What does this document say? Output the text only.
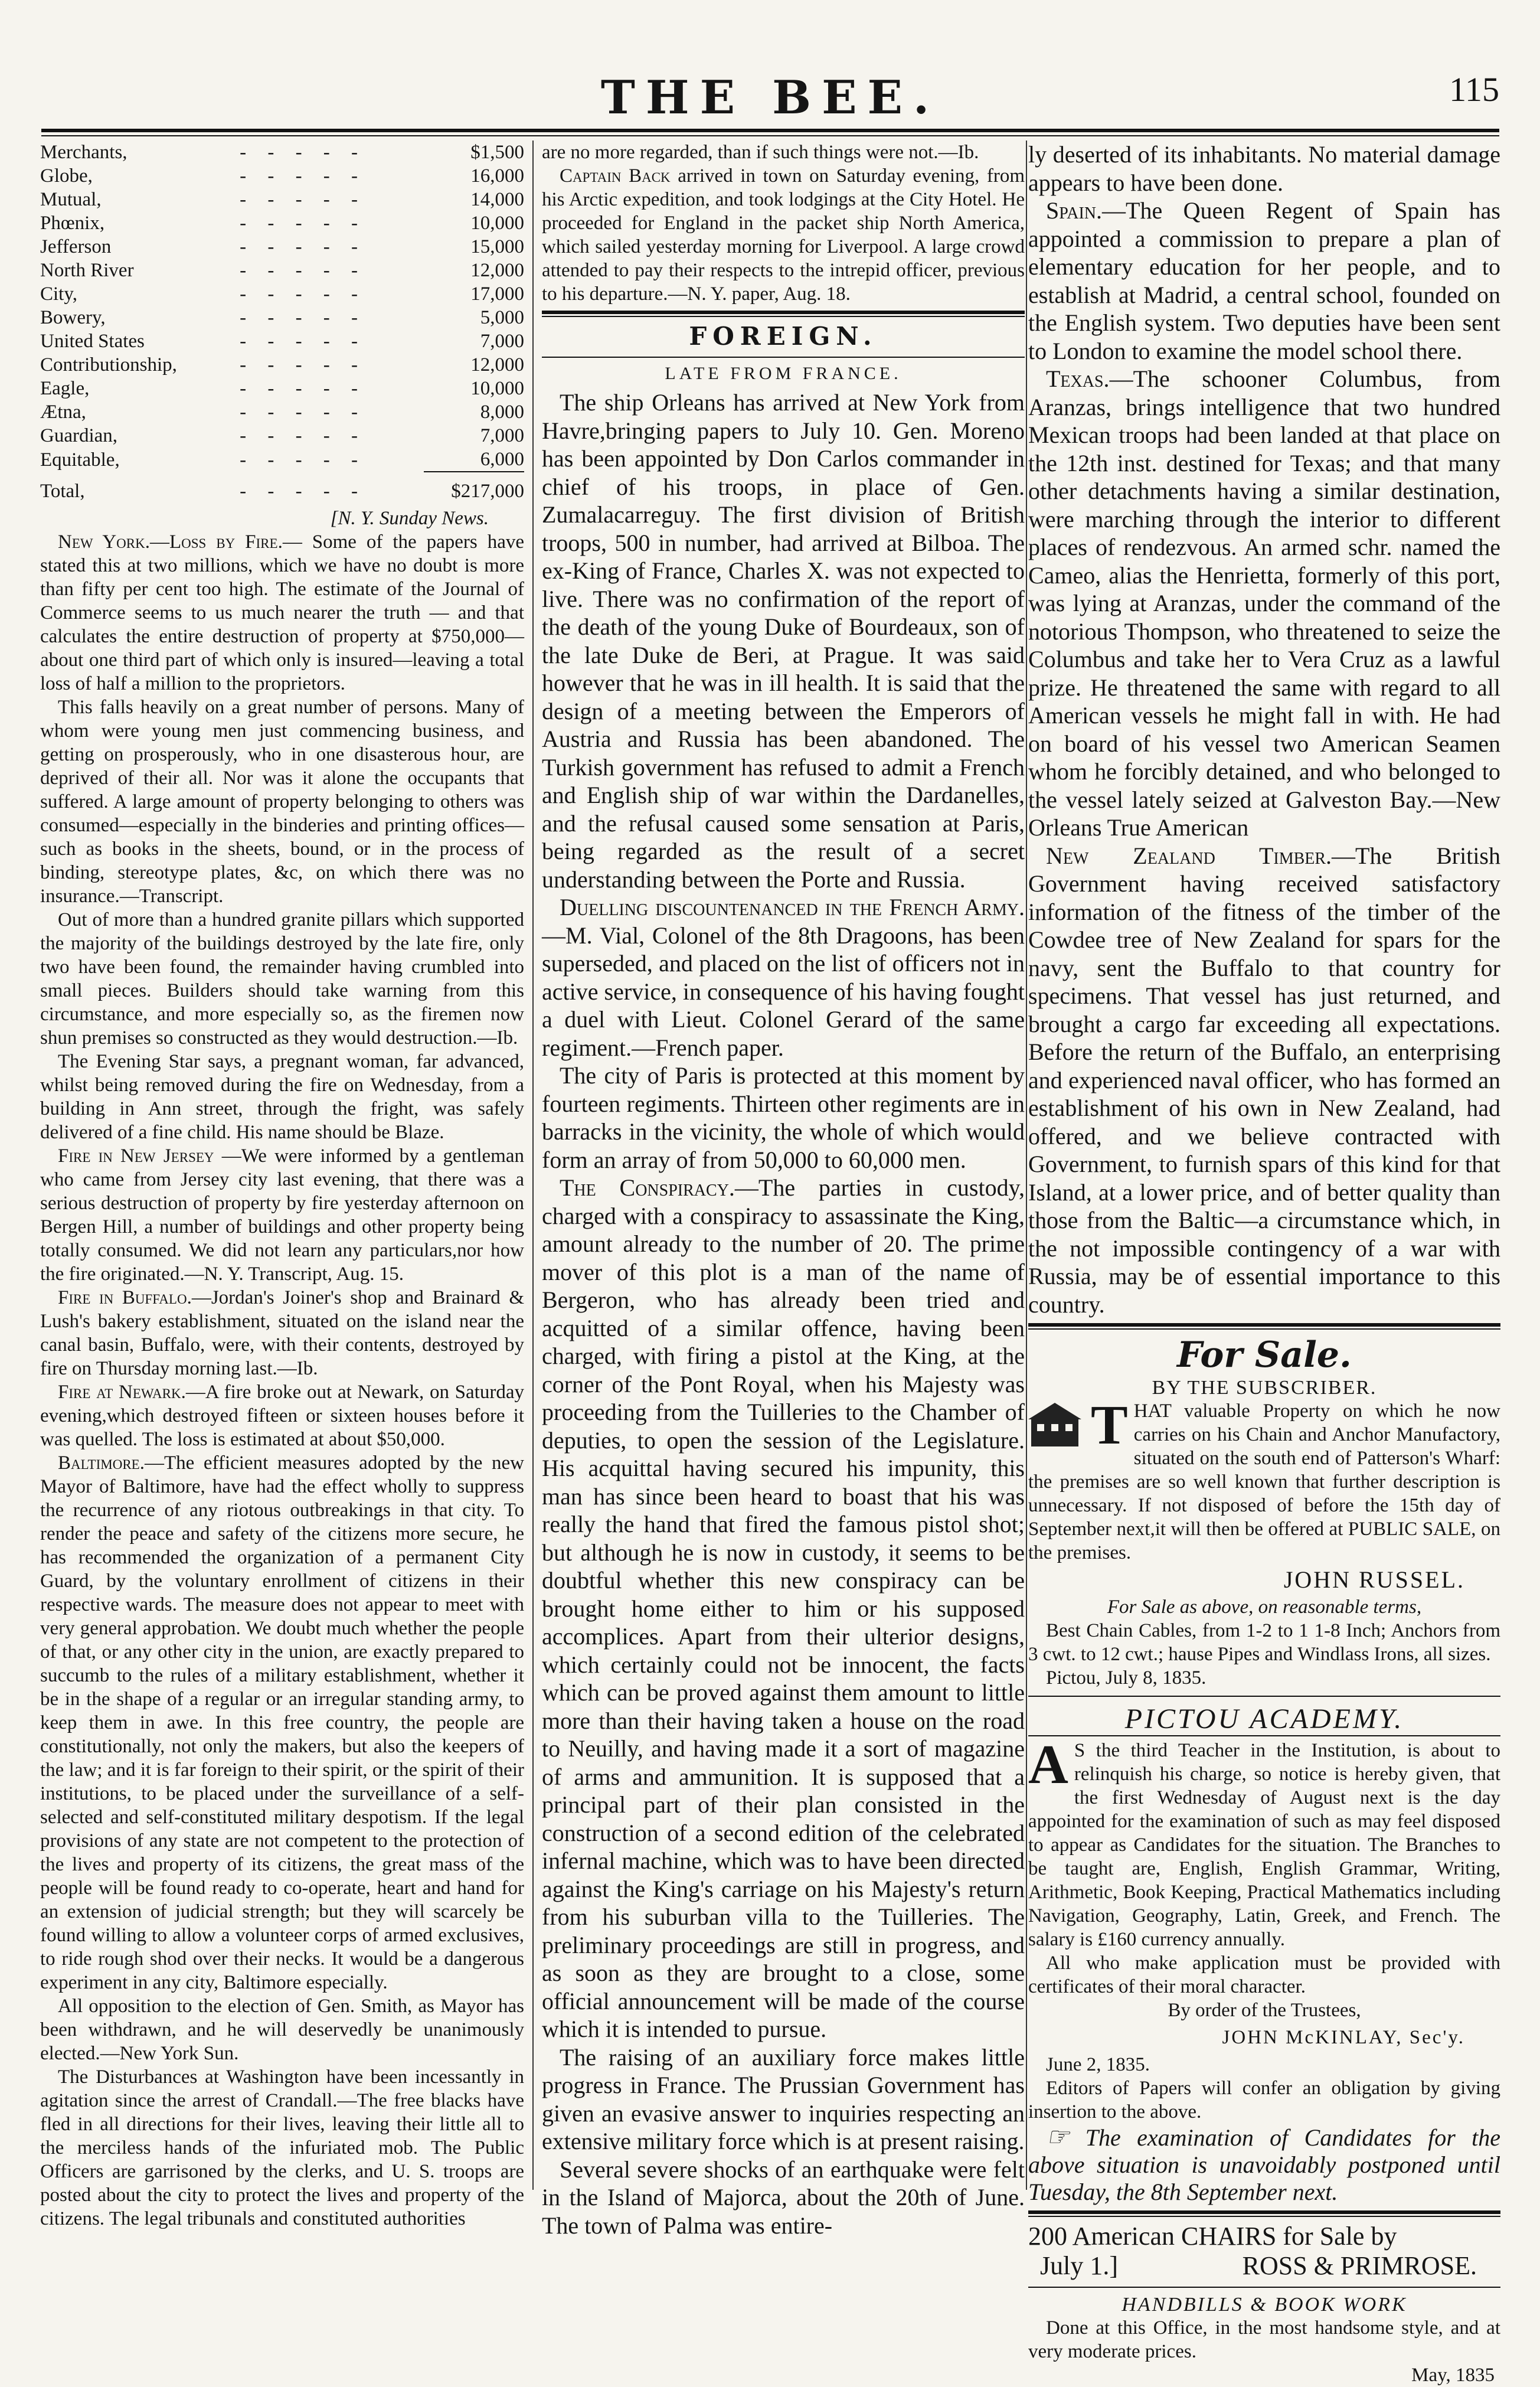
THE BEE.	115
Merchants,	- - - - -	$1,500
Globe,	- - - - -	16,000
Mutual,	- - - - -	14,000
Phœnix,	- - - - -	10,000
Jefferson	- - - - -	15,000
North River	- - - - -	12,000
City,	- - - - -	17,000
Bowery,	- - - - -	5,000
United States	- - - - -	7,000
Contributionship,	- - - - -	12,000
Eagle,	- - - - -	10,000
Ætna,	- - - - -	8,000
Guardian,	- - - - -	7,000
Equitable,	- - - - -	6,000
Total,	- - - - -	$217,000
[N. Y. Sunday News.

New York.—Loss by Fire.— Some of the papers have stated this at two millions, which we have no doubt is more than fifty per cent too high. The estimate of the Journal of Commerce seems to us much nearer the truth — and that calculates the entire destruction of property at $750,000—about one third part of which only is insured—leaving a total loss of half a million to the proprietors.

This falls heavily on a great number of persons. Many of whom were young men just commencing business, and getting on prosperously, who in one disasterous hour, are deprived of their all. Nor was it alone the occupants that suffered. A large amount of property belonging to others was consumed—especially in the binderies and printing offices—such as books in the sheets, bound, or in the process of binding, stereotype plates, &c, on which there was no insurance.—Transcript.

Out of more than a hundred granite pillars which supported the majority of the buildings destroyed by the late fire, only two have been found, the remainder having crumbled into small pieces. Builders should take warning from this circumstance, and more especially so, as the firemen now shun premises so constructed as they would destruction.—Ib.

The Evening Star says, a pregnant woman, far advanced, whilst being removed during the fire on Wednesday, from a building in Ann street, through the fright, was safely delivered of a fine child. His name should be Blaze.

Fire in New Jersey —We were informed by a gentleman who came from Jersey city last evening, that there was a serious destruction of property by fire yesterday afternoon on Bergen Hill, a number of buildings and other property being totally consumed. We did not learn any particulars,nor how the fire originated.—N. Y. Transcript, Aug. 15.

Fire in Buffalo.—Jordan's Joiner's shop and Brainard & Lush's bakery establishment, situated on the island near the canal basin, Buffalo, were, with their contents, destroyed by fire on Thursday morning last.—Ib.

Fire at Newark.—A fire broke out at Newark, on Saturday evening,which destroyed fifteen or sixteen houses before it was quelled. The loss is estimated at about $50,000.

Baltimore.—The efficient measures adopted by the new Mayor of Baltimore, have had the effect wholly to suppress the recurrence of any riotous outbreakings in that city. To render the peace and safety of the citizens more secure, he has recommended the organization of a permanent City Guard, by the voluntary enrollment of citizens in their respective wards. The measure does not appear to meet with very general approbation. We doubt much whether the people of that, or any other city in the union, are exactly prepared to succumb to the rules of a military establishment, whether it be in the shape of a regular or an irregular standing army, to keep them in awe. In this free country, the people are constitutionally, not only the makers, but also the keepers of the law; and it is far foreign to their spirit, or the spirit of their institutions, to be placed under the surveillance of a self-selected and self-constituted military despotism. If the legal provisions of any state are not competent to the protection of the lives and property of its citizens, the great mass of the people will be found ready to co-operate, heart and hand for an extension of judicial strength; but they will scarcely be found willing to allow a volunteer corps of armed exclusives, to ride rough shod over their necks. It would be a dangerous experiment in any city, Baltimore especially.

All opposition to the election of Gen. Smith, as Mayor has been withdrawn, and he will deservedly be unanimously elected.—New York Sun.

The Disturbances at Washington have been incessantly in agitation since the arrest of Crandall.—The free blacks have fled in all directions for their lives, leaving their little all to the merciless hands of the infuriated mob. The Public Officers are garrisoned by the clerks, and U. S. troops are posted about the city to protect the lives and property of the citizens. The legal tribunals and constituted authorities

are no more regarded, than if such things were not.—Ib.

Captain Back arrived in town on Saturday evening, from his Arctic expedition, and took lodgings at the City Hotel. He proceeded for England in the packet ship North America, which sailed yesterday morning for Liverpool. A large crowd attended to pay their respects to the intrepid officer, previous to his departure.—N. Y. paper, Aug. 18.

FOREIGN.
LATE FROM FRANCE.

The ship Orleans has arrived at New York from Havre,bringing papers to July 10. Gen. Moreno has been appointed by Don Carlos commander in chief of his troops, in place of Gen. Zumalacarreguy. The first division of British troops, 500 in number, had arrived at Bilboa. The ex-King of France, Charles X. was not expected to live. There was no confirmation of the report of the death of the young Duke of Bourdeaux, son of the late Duke de Beri, at Prague. It was said however that he was in ill health. It is said that the design of a meeting between the Emperors of Austria and Russia has been abandoned. The Turkish government has refused to admit a French and English ship of war within the Dardanelles, and the refusal caused some sensation at Paris, being regarded as the result of a secret understanding between the Porte and Russia.

Duelling discountenanced in the French Army.—M. Vial, Colonel of the 8th Dragoons, has been superseded, and placed on the list of officers not in active service, in consequence of his having fought a duel with Lieut. Colonel Gerard of the same regiment.—French paper.

The city of Paris is protected at this moment by fourteen regiments. Thirteen other regiments are in barracks in the vicinity, the whole of which would form an array of from 50,000 to 60,000 men.

The Conspiracy.—The parties in custody, charged with a conspiracy to assassinate the King, amount already to the number of 20. The prime mover of this plot is a man of the name of Bergeron, who has already been tried and acquitted of a similar offence, having been charged, with firing a pistol at the King, at the corner of the Pont Royal, when his Majesty was proceeding from the Tuilleries to the Chamber of deputies, to open the session of the Legislature. His acquittal having secured his impunity, this man has since been heard to boast that his was really the hand that fired the famous pistol shot; but although he is now in custody, it seems to be doubtful whether this new conspiracy can be brought home either to him or his supposed accomplices. Apart from their ulterior designs, which certainly could not be innocent, the facts which can be proved against them amount to little more than their having taken a house on the road to Neuilly, and having made it a sort of magazine of arms and ammunition. It is supposed that a principal part of their plan consisted in the construction of a second edition of the celebrated infernal machine, which was to have been directed against the King's carriage on his Majesty's return from his suburban villa to the Tuilleries. The preliminary proceedings are still in progress, and as soon as they are brought to a close, some official announcement will be made of the course which it is intended to pursue.

The raising of an auxiliary force makes little progress in France. The Prussian Government has given an evasive answer to inquiries respecting an extensive military force which is at present raising.

Several severe shocks of an earthquake were felt in the Island of Majorca, about the 20th of June. The town of Palma was entire-

ly deserted of its inhabitants. No material damage appears to have been done.

Spain.—The Queen Regent of Spain has appointed a commission to prepare a plan of elementary education for her people, and to establish at Madrid, a central school, founded on the English system. Two deputies have been sent to London to examine the model school there.

Texas.—The schooner Columbus, from Aranzas, brings intelligence that two hundred Mexican troops had been landed at that place on the 12th inst. destined for Texas; and that many other detachments having a similar destination, were marching through the interior to different places of rendezvous. An armed schr. named the Cameo, alias the Henrietta, formerly of this port, was lying at Aranzas, under the command of the notorious Thompson, who threatened to seize the Columbus and take her to Vera Cruz as a lawful prize. He threatened the same with regard to all American vessels he might fall in with. He had on board of his vessel two American Seamen whom he forcibly detained, and who belonged to the vessel lately seized at Galveston Bay.—New Orleans True American

New Zealand Timber.—The British Government having received satisfactory information of the fitness of the timber of the Cowdee tree of New Zealand for spars for the navy, sent the Buffalo to that country for specimens. That vessel has just returned, and brought a cargo far exceeding all expectations. Before the return of the Buffalo, an enterprising and experienced naval officer, who has formed an establishment of his own in New Zealand, had offered, and we believe contracted with Government, to furnish spars of this kind for that Island, at a lower price, and of better quality than those from the Baltic—a circumstance which, in the not impossible contingency of a war with Russia, may be of essential importance to this country.

For Sale.
BY THE SUBSCRIBER.
T HAT valuable Property on which he now carries on his Chain and Anchor Manufactory, situated on the south end of Patterson's Wharf: the premises are so well known that further description is unnecessary. If not disposed of before the 15th day of September next,it will then be offered at PUBLIC SALE, on the premises.
JOHN RUSSEL.
For Sale as above, on reasonable terms,

Best Chain Cables, from 1-2 to 1 1-8 Inch; Anchors from 3 cwt. to 12 cwt.; hause Pipes and Windlass Irons, all sizes.

Pictou, July 8, 1835.

PICTOU ACADEMY.
A S the third Teacher in the Institution, is about to relinquish his charge, so notice is hereby given, that the first Wednesday of August next is the day appointed for the examination of such as may feel disposed to appear as Candidates for the situation. The Branches to be taught are, English, English Grammar, Writing, Arithmetic, Book Keeping, Practical Mathematics including Navigation, Geography, Latin, Greek, and French. The salary is £160 currency annually.

All who make application must be provided with certificates of their moral character.

By order of the Trustees,
JOHN McKINLAY, Sec'y.

June 2, 1835.

Editors of Papers will confer an obligation by giving insertion to the above.

☞ The examination of Candidates for the above situation is unavoidably postponed until Tuesday, the 8th September next.

200 American CHAIRS for Sale by
July 1.]	ROSS & PRIMROSE.
HANDBILLS & BOOK WORK

Done at this Office, in the most handsome style, and at very moderate prices.

May, 1835
